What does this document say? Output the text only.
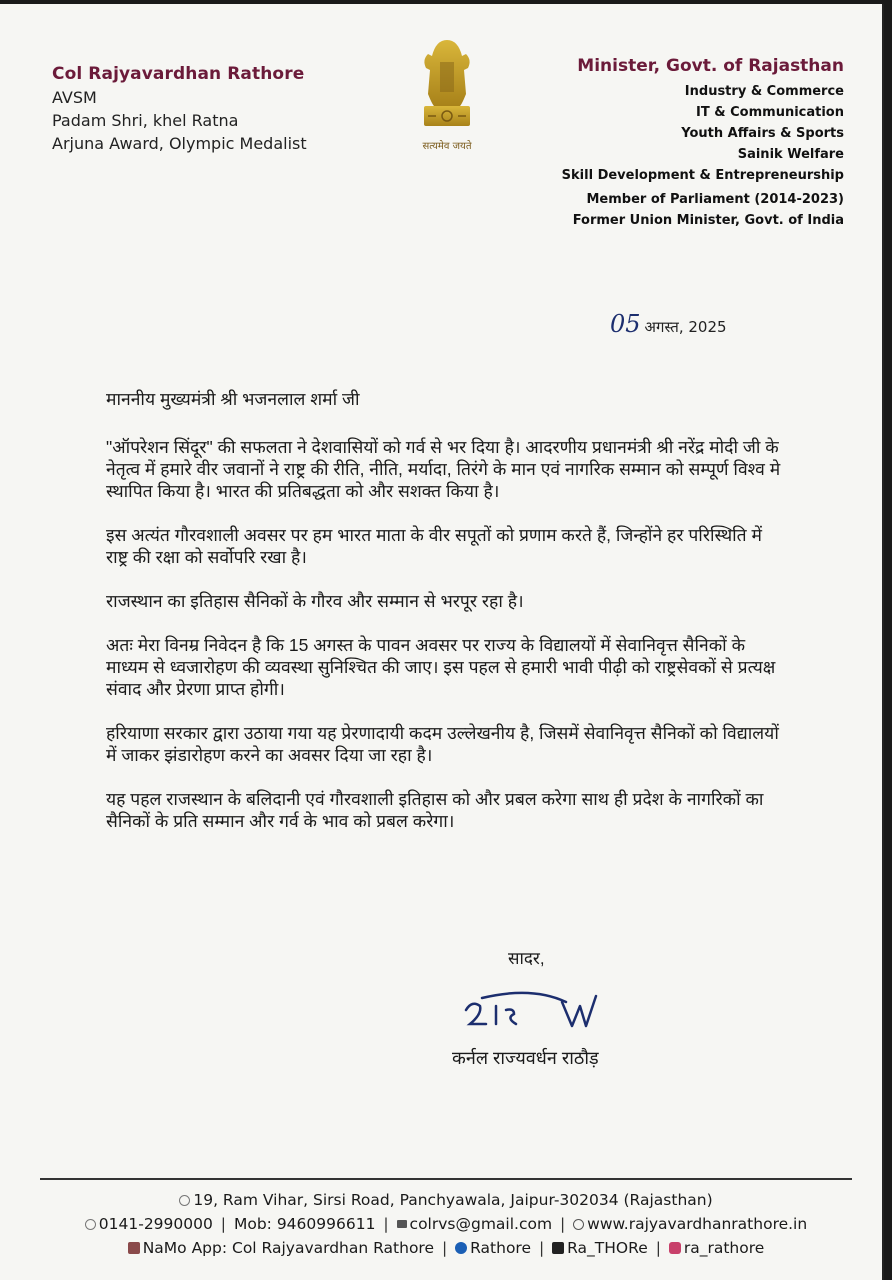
Col Rajyavardhan Rathore
AVSM
Padam Shri, khel Ratna
Arjuna Award, Olympic Medalist	सत्यमेव जयते
Minister, Govt. of Rajasthan
Industry & Commerce
IT & Communication
Youth Affairs & Sports
Sainik Welfare
Skill Development & Entrepreneurship
Member of Parliament (2014-2023)
Former Union Minister, Govt. of India
05 अगस्त, 2025

माननीय मुख्यमंत्री श्री भजनलाल शर्मा जी

"ऑपरेशन सिंदूर" की सफलता ने देशवासियों को गर्व से भर दिया है। आदरणीय प्रधानमंत्री श्री नरेंद्र मोदी जी के नेतृत्व में हमारे वीर जवानों ने राष्ट्र की रीति, नीति, मर्यादा, तिरंगे के मान एवं नागरिक सम्मान को सम्पूर्ण विश्व मे स्थापित किया है। भारत की प्रतिबद्धता को और सशक्त किया है।

इस अत्यंत गौरवशाली अवसर पर हम भारत माता के वीर सपूतों को प्रणाम करते हैं, जिन्होंने हर परिस्थिति में राष्ट्र की रक्षा को सर्वोपरि रखा है।

राजस्थान का इतिहास सैनिकों के गौरव और सम्मान से भरपूर रहा है।

अतः मेरा विनम्र निवेदन है कि 15 अगस्त के पावन अवसर पर राज्य के विद्यालयों में सेवानिवृत्त सैनिकों के माध्यम से ध्वजारोहण की व्यवस्था सुनिश्चित की जाए। इस पहल से हमारी भावी पीढ़ी को राष्ट्रसेवकों से प्रत्यक्ष संवाद और प्रेरणा प्राप्त होगी।

हरियाणा सरकार द्वारा उठाया गया यह प्रेरणादायी कदम उल्लेखनीय है, जिसमें सेवानिवृत्त सैनिकों को विद्यालयों में जाकर झंडारोहण करने का अवसर दिया जा रहा है।

यह पहल राजस्थान के बलिदानी एवं गौरवशाली इतिहास को और प्रबल करेगा साथ ही प्रदेश के नागरिकों का सैनिकों के प्रति सम्मान और गर्व के भाव को प्रबल करेगा।

सादर,
कर्नल राज्यवर्धन राठौड़
19, Ram Vihar, Sirsi Road, Panchyawala, Jaipur-302034 (Rajasthan)
0141-2990000 | Mob: 9460996611 | colrvs@gmail.com | www.rajyavardhanrathore.in
NaMo App: Col Rajyavardhan Rathore | Rathore | Ra_THORe | ra_rathore
